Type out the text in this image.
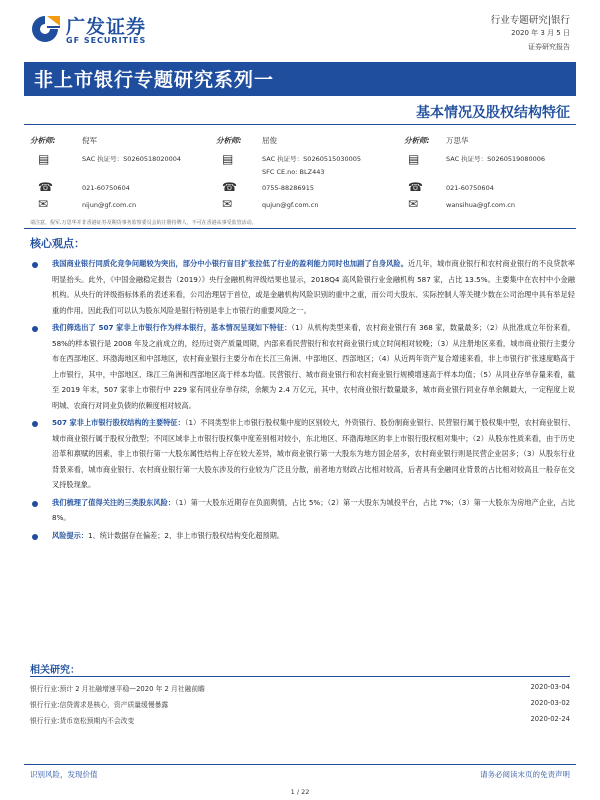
广发证券
GF SECURITIES
行业专题研究|银行
2020 年 3 月 5 日
证券研究报告
非上市银行专题研究系列一
基本情况及股权结构特征
分析师:	倪军
▤	SAC 执证号：S0260518020004
☎	021-60750604
✉	nijun@gf.com.cn
分析师:	屈俊
▤	SAC 执证号：S0260515030005
SFC CE.no: BLZ443
☎	0755-88286915
✉	qujun@gf.com.cn
分析师: 万思华
▤	SAC 执证号：S0260519080006
☎	021-60750604
✉	wansihua@gf.com.cn
请注意，倪军,万思华并非香港证券及期货事务监察委员会的注册持牌人，不可在香港从事受监管活动。
核心观点：
我国商业银行同质化竞争问题较为突出，部分中小银行盲目扩张拉低了行业的盈利能力同时也加剧了自身风险。近几年，城市商业银行和农村商业银行的不良贷款率明显抬头。此外，《中国金融稳定报告（2019）》央行金融机构评级结果也显示，2018Q4 高风险银行业金融机构 587 家，占比 13.5%。主要集中在农村中小金融机构。从央行的评级指标体系的表述来看，公司治理居于首位，或是金融机构风险识别的重中之重，而公司大股东、实际控制人等关键少数在公司治理中具有举足轻重的作用。因此我们可以认为股东风险是银行特别是非上市银行的重要风险之一。
我们筛选出了 507 家非上市银行作为样本银行，基本情况呈现如下特征：（1）从机构类型来看，农村商业银行有 368 家，数量最多；（2）从批准成立年份来看，58%的样本银行是 2008 年及之前成立的，经历过资产质量周期，内部来看民营银行和农村商业银行成立时间相对较晚；（3）从注册地区来看，城市商业银行主要分布在西部地区、环渤海地区和中部地区，农村商业银行主要分布在长江三角洲、中部地区、西部地区；（4）从近两年资产复合增速来看，非上市银行扩张速度略高于上市银行，其中，中部地区、珠江三角洲和西部地区高于样本均值。民营银行、城市商业银行和农村商业银行规模增速高于样本均值；（5）从同业存单存量来看，截至 2019 年末，507 家非上市银行中 229 家有同业存单存续，余额为 2.4 万亿元，其中，农村商业银行数量最多，城市商业银行同业存单余额最大，一定程度上说明城、农商行对同业负债的依赖度相对较高。
507 家非上市银行股权结构的主要特征：（1）不同类型非上市银行股权集中度的区别较大，外资银行、股份制商业银行、民营银行属于股权集中型，农村商业银行、城市商业银行属于股权分散型；不同区域非上市银行股权集中度差别相对较小，东北地区、环渤海地区的非上市银行股权相对集中；（2）从股东性质来看，由于历史沿革和禀赋的因素，非上市银行第一大股东属性结构上存在较大差异，城市商业银行第一大股东为地方国企居多，农村商业银行则是民营企业居多；（3）从股东行业背景来看，城市商业银行、农村商业银行第一大股东涉及的行业较为广泛且分散，前者地方财政占比相对较高，后者具有金融同业背景的占比相对较高且一般存在交叉持股现象。
我们梳理了值得关注的三类股东风险：（1）第一大股东近期存在负面舆情，占比 5%；（2）第一大股东为城投平台，占比 7%；（3）第一大股东为房地产企业，占比 8%。
风险提示：1、统计数据存在偏差；2、非上市银行股权结构变化超预期。
相关研究：
银行行业:预计 2 月社融增速平稳—2020 年 2 月社融前瞻	2020-03-04
银行行业:信贷需求是核心，资产质量缓慢暴露	2020-03-02
银行行业:货币宽松预期内不会改变	2020-02-24
识别风险，发现价值	请务必阅读末页的免责声明
1 / 22
